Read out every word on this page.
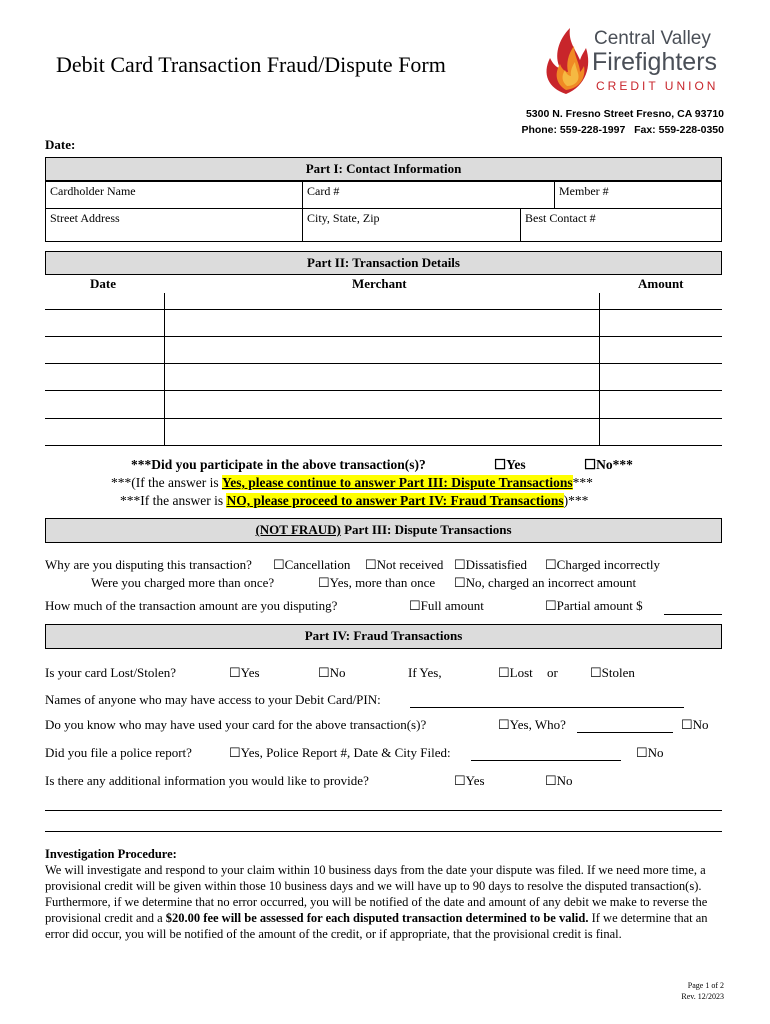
Debit Card Transaction Fraud/Dispute Form
Central Valley
Firefighters
CREDIT UNION
5300 N. Fresno Street Fresno, CA 93710
Phone: 559-228-1997 Fax: 559-228-0350
Date:
Part I: Contact Information
Cardholder Name	Card #	Member #
Street Address	City, State, Zip	Best Contact #
Part II: Transaction Details
Date	Merchant	Amount
***Did you participate in the above transaction(s)? ☐	Yes ☐	No***
***(If the answer is Yes, please continue to answer Part III: Dispute Transactions***
***If the answer is NO, please proceed to answer Part IV: Fraud Transactions)***
(NOT FRAUD) Part III: Dispute Transactions
Why are you disputing this transaction? ☐	Cancellation ☐	Not received ☐	Dissatisfied ☐	Charged incorrectly
Were you charged more than once? ☐	Yes, more than once ☐	No, charged an incorrect amount
How much of the transaction amount are you disputing? ☐	Full amount ☐	Partial amount $
Part IV: Fraud Transactions
Is your card Lost/Stolen? ☐	Yes ☐	No	If Yes, ☐	Lost or ☐	Stolen
Names of anyone who may have access to your Debit Card/PIN:
Do you know who may have used your card for the above transaction(s)? ☐	Yes, Who? ☐	No
Did you file a police report? ☐	Yes, Police Report #, Date & City Filed: ☐	No
Is there any additional information you would like to provide? ☐	Yes ☐	No
Investigation Procedure:
We will investigate and respond to your claim within 10 business days from the date your dispute was filed. If we need more time, a provisional credit will be given within those 10 business days and we will have up to 90 days to resolve the disputed transaction(s). Furthermore, if we determine that no error occurred, you will be notified of the date and amount of any debit we make to reverse the provisional credit and a $20.00 fee will be assessed for each disputed transaction determined to be valid. If we determine that an error did occur, you will be notified of the amount of the credit, or if appropriate, that the provisional credit is final.
Page 1 of 2
Rev. 12/2023
